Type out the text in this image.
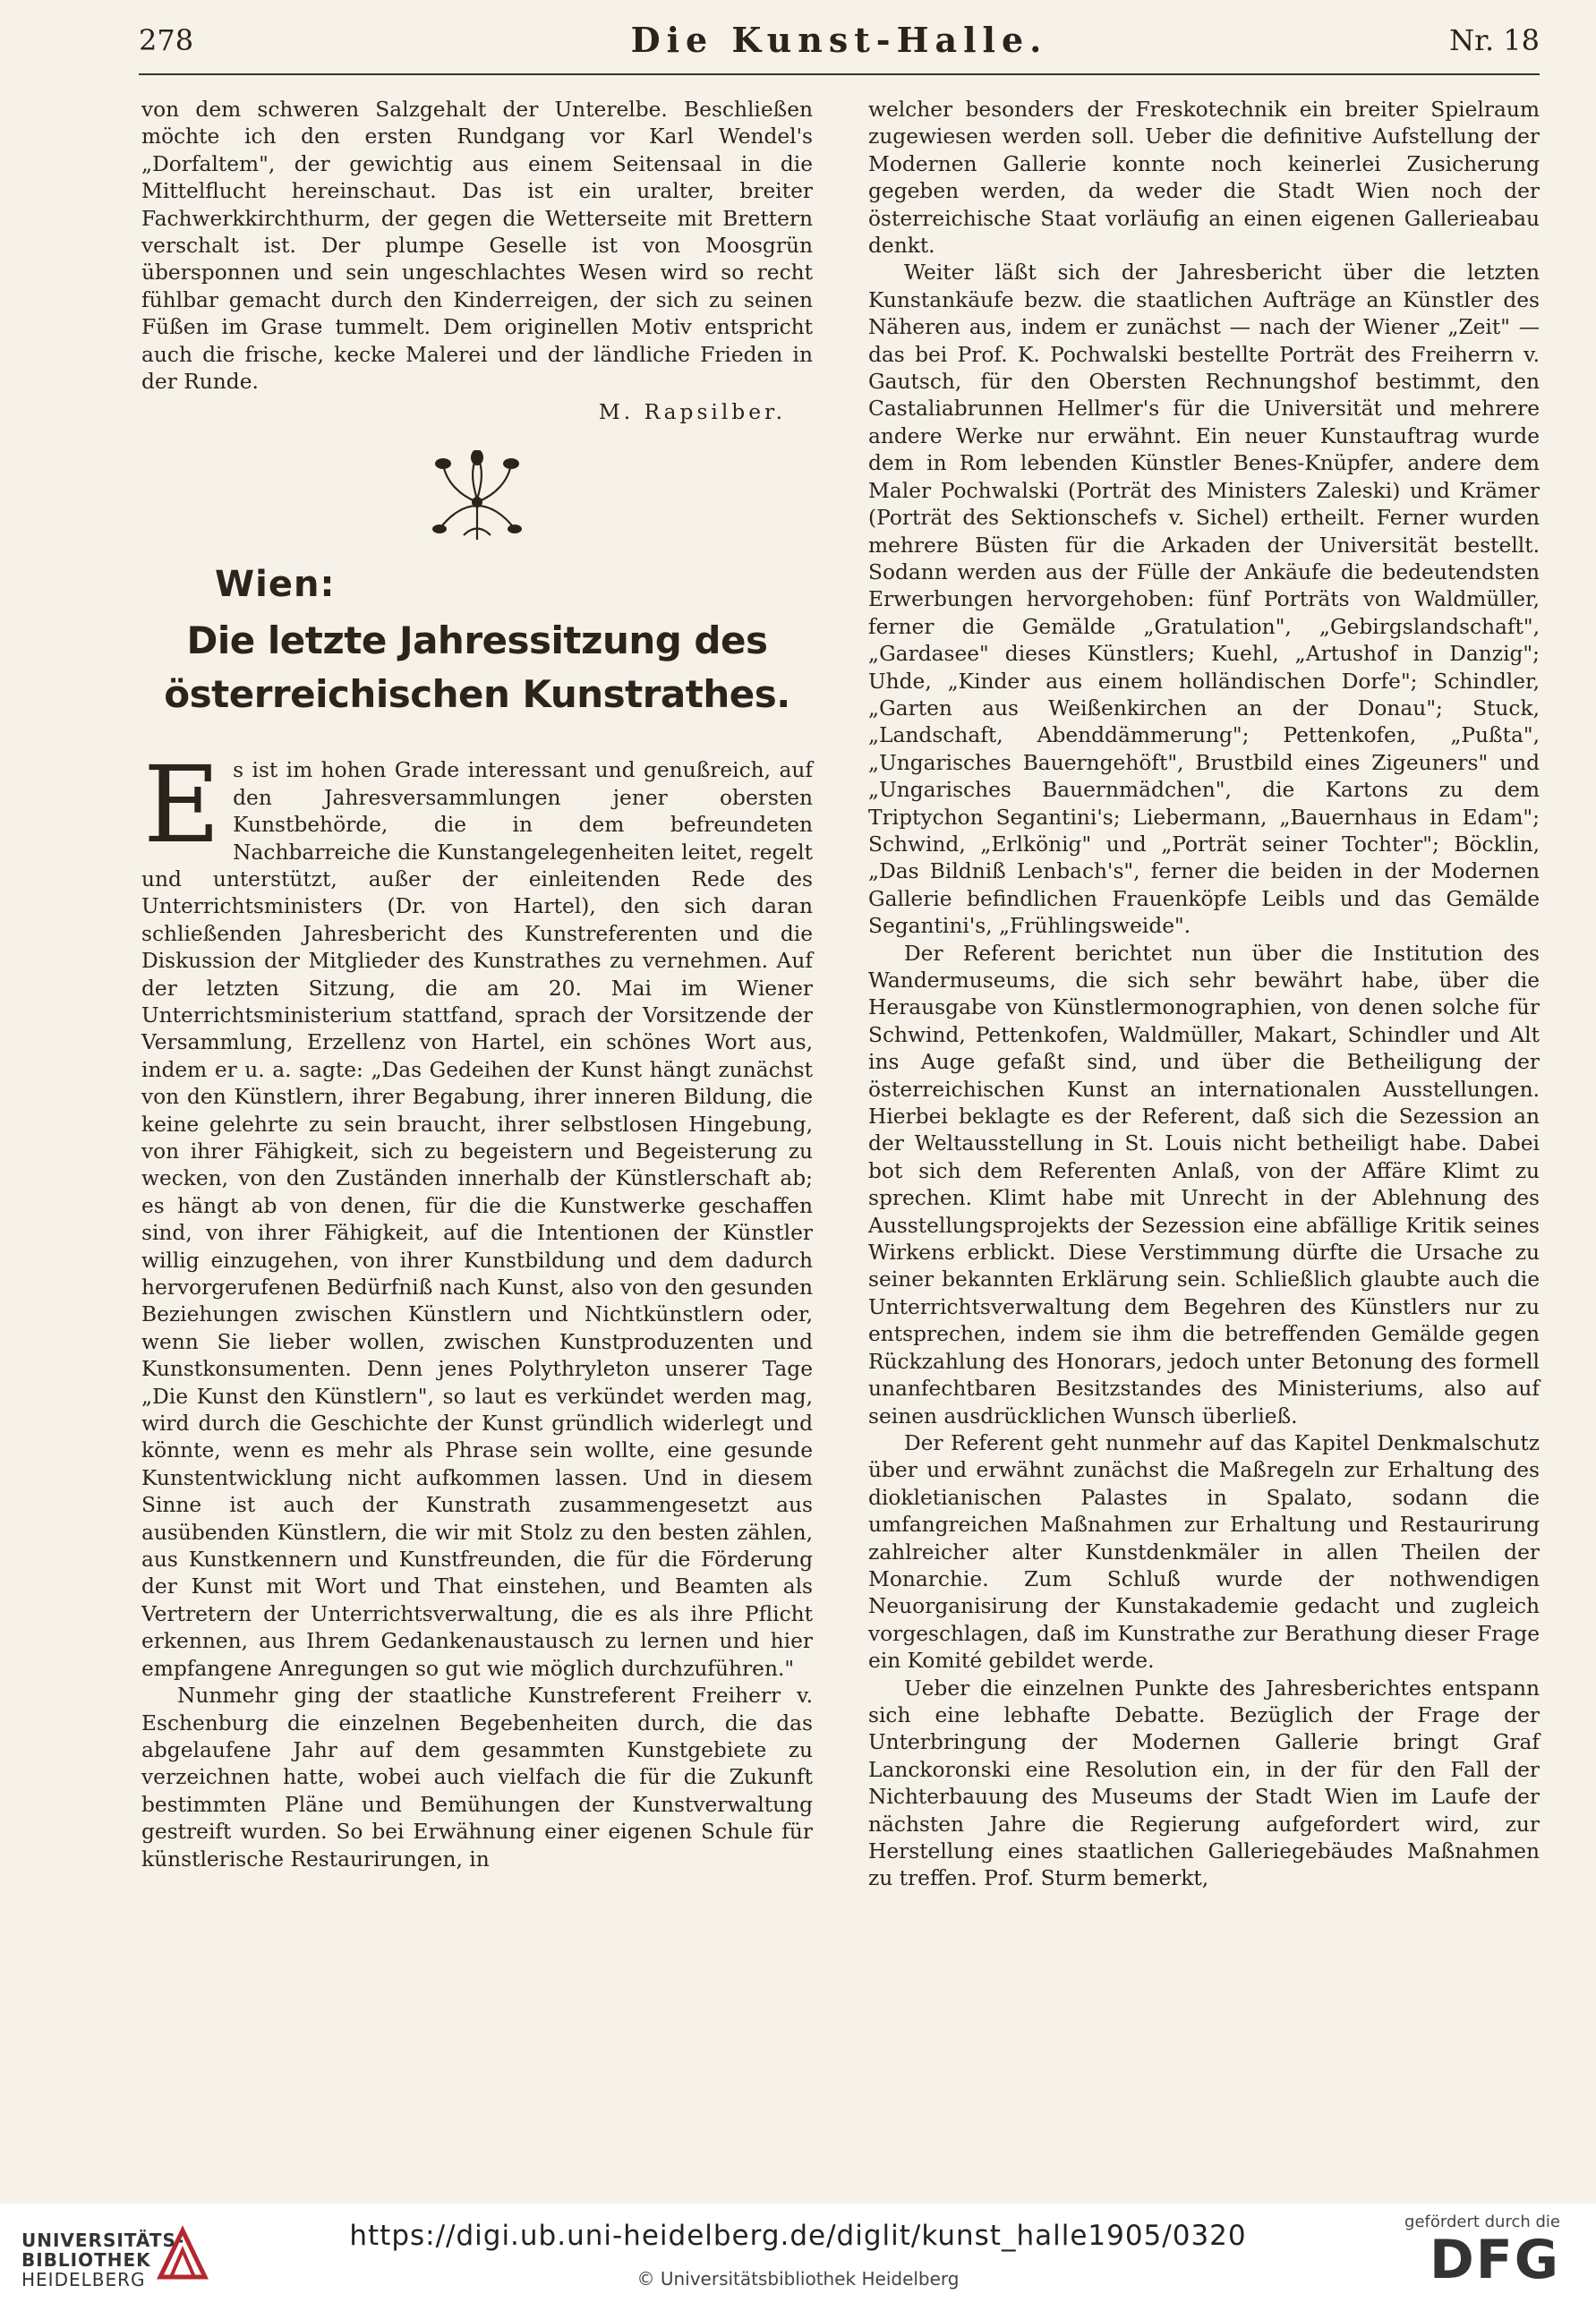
278	Die Kunst-Halle.	Nr. 18

von dem schweren Salzgehalt der Unterelbe. Beschließen möchte ich den ersten Rundgang vor Karl Wendel's „Dorfaltem", der gewichtig aus einem Seitensaal in die Mittelflucht hereinschaut. Das ist ein uralter, breiter Fachwerkkirchthurm, der gegen die Wetterseite mit Brettern verschalt ist. Der plumpe Geselle ist von Moosgrün übersponnen und sein ungeschlachtes Wesen wird so recht fühlbar gemacht durch den Kinderreigen, der sich zu seinen Füßen im Grase tummelt. Dem originellen Motiv entspricht auch die frische, kecke Malerei und der ländliche Frieden in der Runde.

M. Rapsilber.
Wien:
Die letzte Jahressitzung des österreichischen Kunstrathes.

Es ist im hohen Grade interessant und genußreich, auf den Jahresversammlungen jener obersten Kunstbehörde, die in dem befreundeten Nachbarreiche die Kunstangelegenheiten leitet, regelt und unterstützt, außer der einleitenden Rede des Unterrichtsministers (Dr. von Hartel), den sich daran schließenden Jahresbericht des Kunstreferenten und die Diskussion der Mitglieder des Kunstrathes zu vernehmen. Auf der letzten Sitzung, die am 20. Mai im Wiener Unterrichtsministerium stattfand, sprach der Vorsitzende der Versammlung, Erzellenz von Hartel, ein schönes Wort aus, indem er u. a. sagte: „Das Gedeihen der Kunst hängt zunächst von den Künstlern, ihrer Begabung, ihrer inneren Bildung, die keine gelehrte zu sein braucht, ihrer selbstlosen Hingebung, von ihrer Fähigkeit, sich zu begeistern und Begeisterung zu wecken, von den Zuständen innerhalb der Künstlerschaft ab; es hängt ab von denen, für die die Kunstwerke geschaffen sind, von ihrer Fähigkeit, auf die Intentionen der Künstler willig einzugehen, von ihrer Kunstbildung und dem dadurch hervorgerufenen Bedürfniß nach Kunst, also von den gesunden Beziehungen zwischen Künstlern und Nichtkünstlern oder, wenn Sie lieber wollen, zwischen Kunstproduzenten und Kunstkonsumenten. Denn jenes Polythryleton unserer Tage „Die Kunst den Künstlern", so laut es verkündet werden mag, wird durch die Geschichte der Kunst gründlich widerlegt und könnte, wenn es mehr als Phrase sein wollte, eine gesunde Kunstentwicklung nicht aufkommen lassen. Und in diesem Sinne ist auch der Kunstrath zusammengesetzt aus ausübenden Künstlern, die wir mit Stolz zu den besten zählen, aus Kunstkennern und Kunstfreunden, die für die Förderung der Kunst mit Wort und That einstehen, und Beamten als Vertretern der Unterrichtsverwaltung, die es als ihre Pflicht erkennen, aus Ihrem Gedankenaustausch zu lernen und hier empfangene Anregungen so gut wie möglich durchzuführen."

Nunmehr ging der staatliche Kunstreferent Freiherr v. Eschenburg die einzelnen Begebenheiten durch, die das abgelaufene Jahr auf dem gesammten Kunstgebiete zu verzeichnen hatte, wobei auch vielfach die für die Zukunft bestimmten Pläne und Bemühungen der Kunstverwaltung gestreift wurden. So bei Erwähnung einer eigenen Schule für künstlerische Restaurirungen, in

welcher besonders der Freskotechnik ein breiter Spielraum zugewiesen werden soll. Ueber die definitive Aufstellung der Modernen Gallerie konnte noch keinerlei Zusicherung gegeben werden, da weder die Stadt Wien noch der österreichische Staat vorläufig an einen eigenen Gallerieabau denkt.

Weiter läßt sich der Jahresbericht über die letzten Kunstankäufe bezw. die staatlichen Aufträge an Künstler des Näheren aus, indem er zunächst — nach der Wiener „Zeit" — das bei Prof. K. Pochwalski bestellte Porträt des Freiherrn v. Gautsch, für den Obersten Rechnungshof bestimmt, den Castaliabrunnen Hellmer's für die Universität und mehrere andere Werke nur erwähnt. Ein neuer Kunstauftrag wurde dem in Rom lebenden Künstler Benes-Knüpfer, andere dem Maler Pochwalski (Porträt des Ministers Zaleski) und Krämer (Porträt des Sektionschefs v. Sichel) ertheilt. Ferner wurden mehrere Büsten für die Arkaden der Universität bestellt. Sodann werden aus der Fülle der Ankäufe die bedeutendsten Erwerbungen hervorgehoben: fünf Porträts von Waldmüller, ferner die Gemälde „Gratulation", „Gebirgslandschaft", „Gardasee" dieses Künstlers; Kuehl, „Artushof in Danzig"; Uhde, „Kinder aus einem holländischen Dorfe"; Schindler, „Garten aus Weißenkirchen an der Donau"; Stuck, „Landschaft, Abenddämmerung"; Pettenkofen, „Pußta", „Ungarisches Bauerngehöft", Brustbild eines Zigeuners" und „Ungarisches Bauernmädchen", die Kartons zu dem Triptychon Segantini's; Liebermann, „Bauernhaus in Edam"; Schwind, „Erlkönig" und „Porträt seiner Tochter"; Böcklin, „Das Bildniß Lenbach's", ferner die beiden in der Modernen Gallerie befindlichen Frauenköpfe Leibls und das Gemälde Segantini's, „Frühlingsweide".

Der Referent berichtet nun über die Institution des Wandermuseums, die sich sehr bewährt habe, über die Herausgabe von Künstlermonographien, von denen solche für Schwind, Pettenkofen, Waldmüller, Makart, Schindler und Alt ins Auge gefaßt sind, und über die Betheiligung der österreichischen Kunst an internationalen Ausstellungen. Hierbei beklagte es der Referent, daß sich die Sezession an der Weltausstellung in St. Louis nicht betheiligt habe. Dabei bot sich dem Referenten Anlaß, von der Affäre Klimt zu sprechen. Klimt habe mit Unrecht in der Ablehnung des Ausstellungsprojekts der Sezession eine abfällige Kritik seines Wirkens erblickt. Diese Verstimmung dürfte die Ursache zu seiner bekannten Erklärung sein. Schließlich glaubte auch die Unterrichtsverwaltung dem Begehren des Künstlers nur zu entsprechen, indem sie ihm die betreffenden Gemälde gegen Rückzahlung des Honorars, jedoch unter Betonung des formell unanfechtbaren Besitzstandes des Ministeriums, also auf seinen ausdrücklichen Wunsch überließ.

Der Referent geht nunmehr auf das Kapitel Denkmalschutz über und erwähnt zunächst die Maßregeln zur Erhaltung des diokletianischen Palastes in Spalato, sodann die umfangreichen Maßnahmen zur Erhaltung und Restaurirung zahlreicher alter Kunstdenkmäler in allen Theilen der Monarchie. Zum Schluß wurde der nothwendigen Neuorganisirung der Kunstakademie gedacht und zugleich vorgeschlagen, daß im Kunstrathe zur Berathung dieser Frage ein Komité gebildet werde.

Ueber die einzelnen Punkte des Jahresberichtes entspann sich eine lebhafte Debatte. Bezüglich der Frage der Unterbringung der Modernen Gallerie bringt Graf Lanckoronski eine Resolution ein, in der für den Fall der Nichterbauung des Museums der Stadt Wien im Laufe der nächsten Jahre die Regierung aufgefordert wird, zur Herstellung eines staatlichen Galleriegebäudes Maßnahmen zu treffen. Prof. Sturm bemerkt,

UNIVERSITÄTS-
BIBLIOTHEK
HEIDELBERG
https://digi.ub.uni-heidelberg.de/diglit/kunst_halle1905/0320
© Universitätsbibliothek Heidelberg
gefördert durch die
DFG
